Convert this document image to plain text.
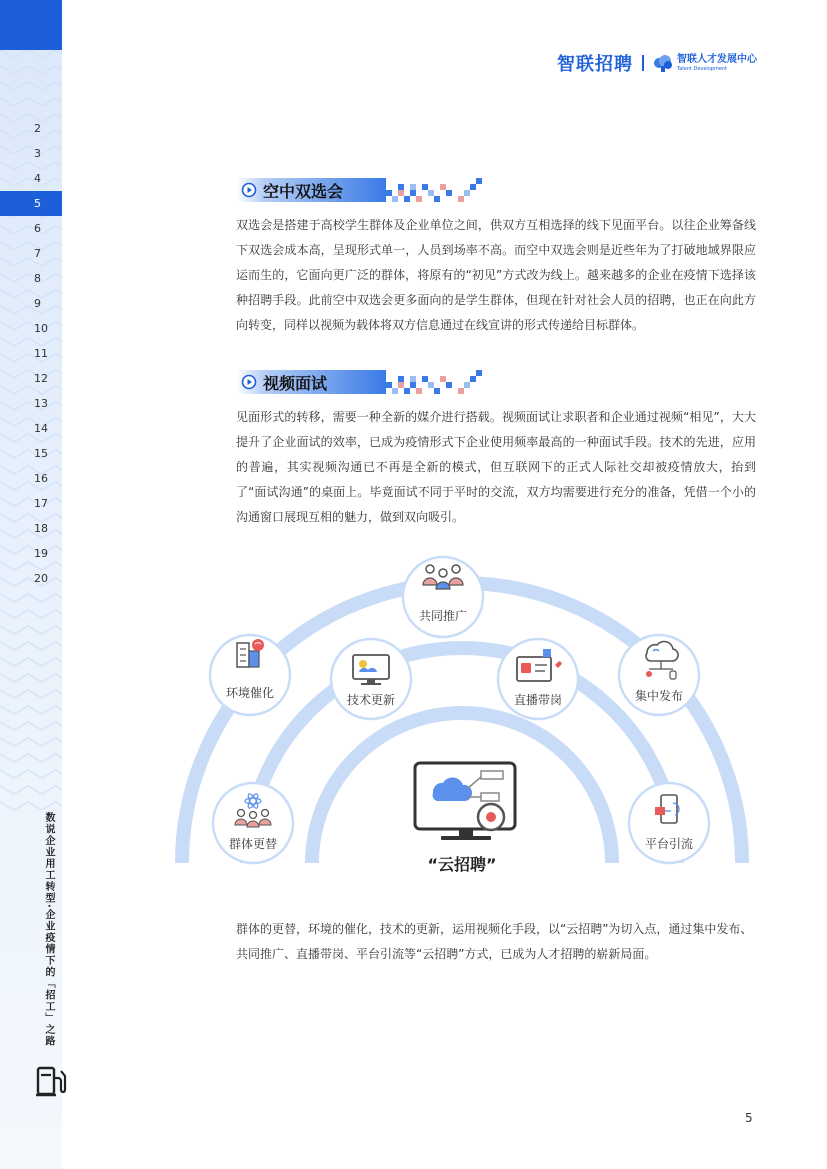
2
3
4
5
6
7
8
9
10
11
12
13
14
15
16
17
18
19
20
数说企业用工转型·企业疫情下的「招工」之路
智联招聘	智联人才发展中心
Talent Development
空中双选会
双选会是搭建于高校学生群体及企业单位之间，供双方互相选择的线下见面平台。以往企业筹备线下双选会成本高，呈现形式单一，人员到场率不高。而空中双选会则是近些年为了打破地域界限应运而生的，它面向更广泛的群体，将原有的“初见”方式改为线上。越来越多的企业在疫情下选择该种招聘手段。此前空中双选会更多面向的是学生群体，但现在针对社会人员的招聘，也正在向此方向转变，同样以视频为载体将双方信息通过在线宣讲的形式传递给目标群体。
视频面试
见面形式的转移，需要一种全新的媒介进行搭载。视频面试让求职者和企业通过视频“相见”，大大提升了企业面试的效率，已成为疫情形式下企业使用频率最高的一种面试手段。技术的先进，应用的普遍，其实视频沟通已不再是全新的模式，但互联网下的正式人际社交却被疫情放大，抬到了“面试沟通”的桌面上。毕竟面试不同于平时的交流，双方均需要进行充分的准备，凭借一个小的沟通窗口展现互相的魅力，做到双向吸引。
“云招聘”
共同推广
环境催化	技术更新	直播带岗	集中发布
群体更替	平台引流
群体的更替，环境的催化，技术的更新，运用视频化手段，以“云招聘”为切入点，通过集中发布、共同推广、直播带岗、平台引流等“云招聘”方式，已成为人才招聘的崭新局面。
5
